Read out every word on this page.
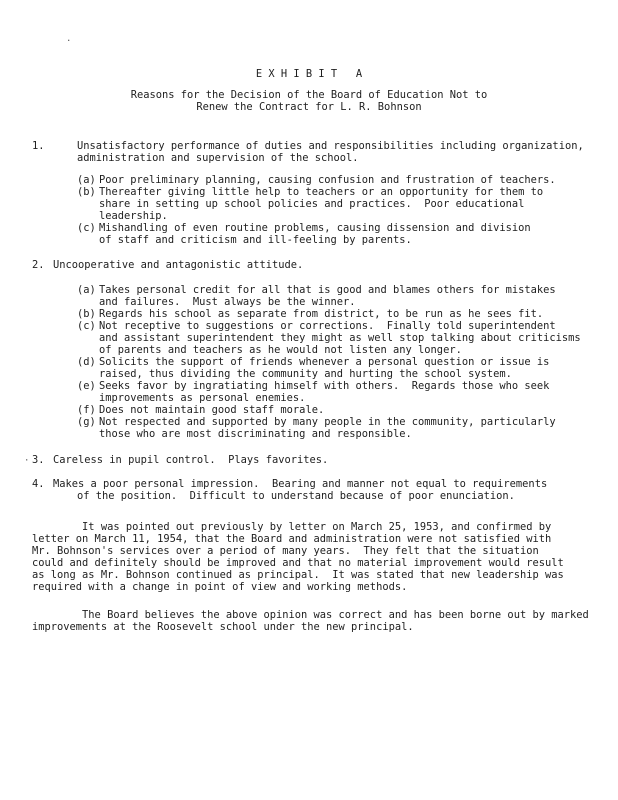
.
·
E X H I B I T   A
Reasons for the Decision of the Board of Education Not to
Renew the Contract for L. R. Bohnson
1.	Unsatisfactory performance of duties and responsibilities including organization,
administration and supervision of the school.
(a) Poor preliminary planning, causing confusion and frustration of teachers.
(b) Thereafter giving little help to teachers or an opportunity for them to
share in setting up school policies and practices.  Poor educational
leadership.
(c) Mishandling of even routine problems, causing dissension and division
of staff and criticism and ill-feeling by parents.
2. Uncooperative and antagonistic attitude.
(a) Takes personal credit for all that is good and blames others for mistakes
and failures.  Must always be the winner.
(b) Regards his school as separate from district, to be run as he sees fit.
(c) Not receptive to suggestions or corrections.  Finally told superintendent
and assistant superintendent they might as well stop talking about criticisms
of parents and teachers as he would not listen any longer.
(d) Solicits the support of friends whenever a personal question or issue is
raised, thus dividing the community and hurting the school system.
(e) Seeks favor by ingratiating himself with others.  Regards those who seek
improvements as personal enemies.
(f) Does not maintain good staff morale.
(g) Not respected and supported by many people in the community, particularly
those who are most discriminating and responsible.
3. Careless in pupil control.  Plays favorites.
4. Makes a poor personal impression.  Bearing and manner not equal to requirements
of the position.  Difficult to understand because of poor enunciation.
It was pointed out previously by letter on March 25, 1953, and confirmed by
letter on March 11, 1954, that the Board and administration were not satisfied with
Mr. Bohnson's services over a period of many years.  They felt that the situation
could and definitely should be improved and that no material improvement would result
as long as Mr. Bohnson continued as principal.  It was stated that new leadership was
required with a change in point of view and working methods.
The Board believes the above opinion was correct and has been borne out by marked
improvements at the Roosevelt school under the new principal.
